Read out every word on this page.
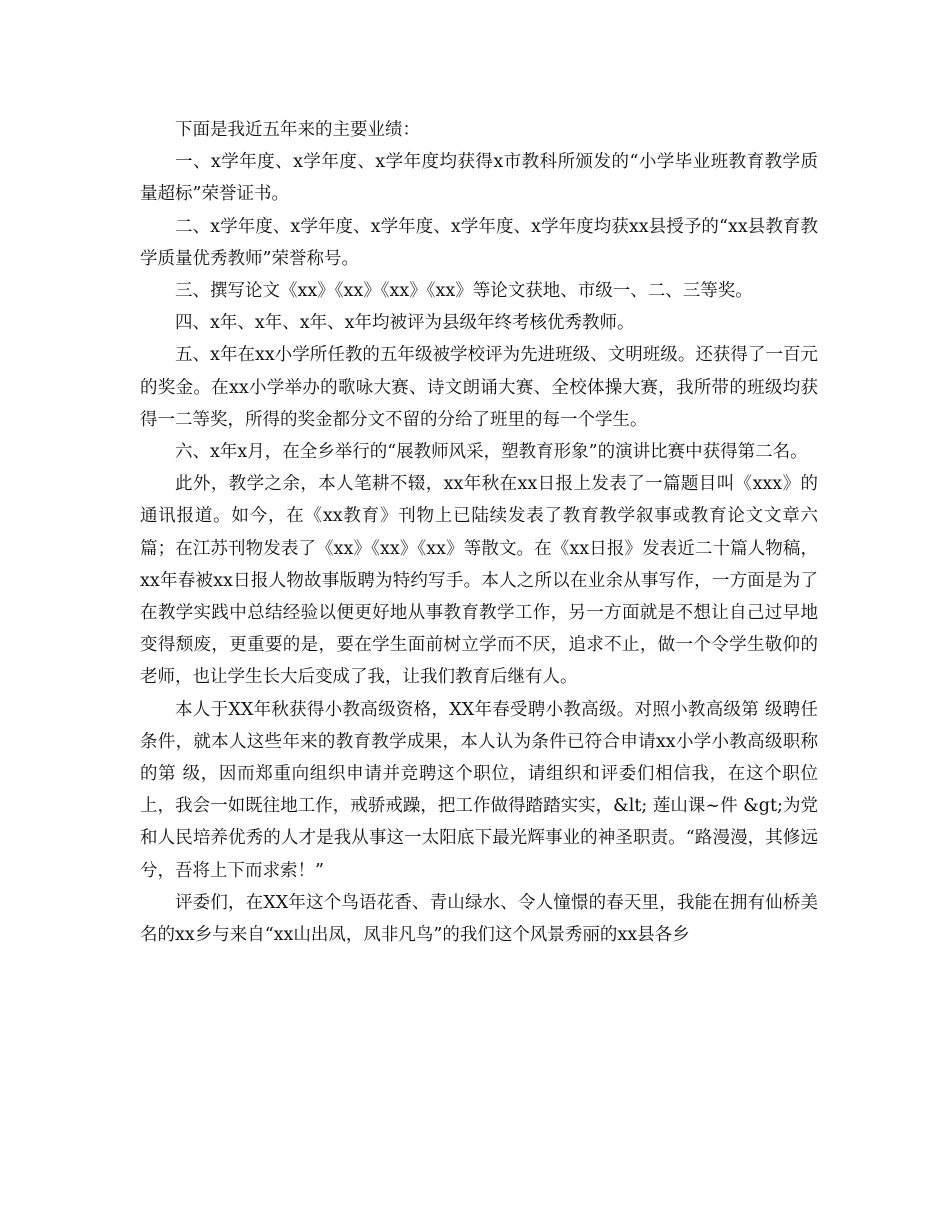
下面是我近五年来的主要业绩：

一、x学年度、x学年度、x学年度均获得x市教科所颁发的“小学毕业班教育教学质量超标”荣誉证书。

二、x学年度、x学年度、x学年度、x学年度、x学年度均获xx县授予的“xx县教育教学质量优秀教师”荣誉称号。

三、撰写论文《xx》《xx》《xx》《xx》等论文获地、市级一、二、三等奖。

四、x年、x年、x年、x年均被评为县级年终考核优秀教师。

五、x年在xx小学所任教的五年级被学校评为先进班级、文明班级。还获得了一百元的奖金。在xx小学举办的歌咏大赛、诗文朗诵大赛、全校体操大赛，我所带的班级均获得一二等奖，所得的奖金都分文不留的分给了班里的每一个学生。

六、x年x月，在全乡举行的“展教师风采，塑教育形象”的演讲比赛中获得第二名。

此外，教学之余，本人笔耕不辍，xx年秋在xx日报上发表了一篇题目叫《xxx》的通讯报道。如今，在《xx教育》刊物上已陆续发表了教育教学叙事或教育论文文章六篇；在江苏刊物发表了《xx》《xx》《xx》等散文。在《xx日报》发表近二十篇人物稿，xx年春被xx日报人物故事版聘为特约写手。本人之所以在业余从事写作，一方面是为了在教学实践中总结经验以便更好地从事教育教学工作，另一方面就是不想让自己过早地变得颓废，更重要的是，要在学生面前树立学而不厌，追求不止，做一个令学生敬仰的老师，也让学生长大后变成了我，让我们教育后继有人。

本人于XX年秋获得小教高级资格，XX年春受聘小教高级。对照小教高级第 级聘任条件，就本人这些年来的教育教学成果，本人认为条件已符合申请xx小学小教高级职称的第 级，因而郑重向组织申请并竞聘这个职位，请组织和评委们相信我，在这个职位上，我会一如既往地工作，戒骄戒躁，把工作做得踏踏实实，&lt; 莲山课~件 &gt;为党和人民培养优秀的人才是我从事这一太阳底下最光辉事业的神圣职责。“路漫漫，其修远兮，吾将上下而求索！”

评委们，在XX年这个鸟语花香、青山绿水、令人憧憬的春天里，我能在拥有仙桥美名的xx乡与来自“xx山出凤，凤非凡鸟”的我们这个风景秀丽的xx县各乡
